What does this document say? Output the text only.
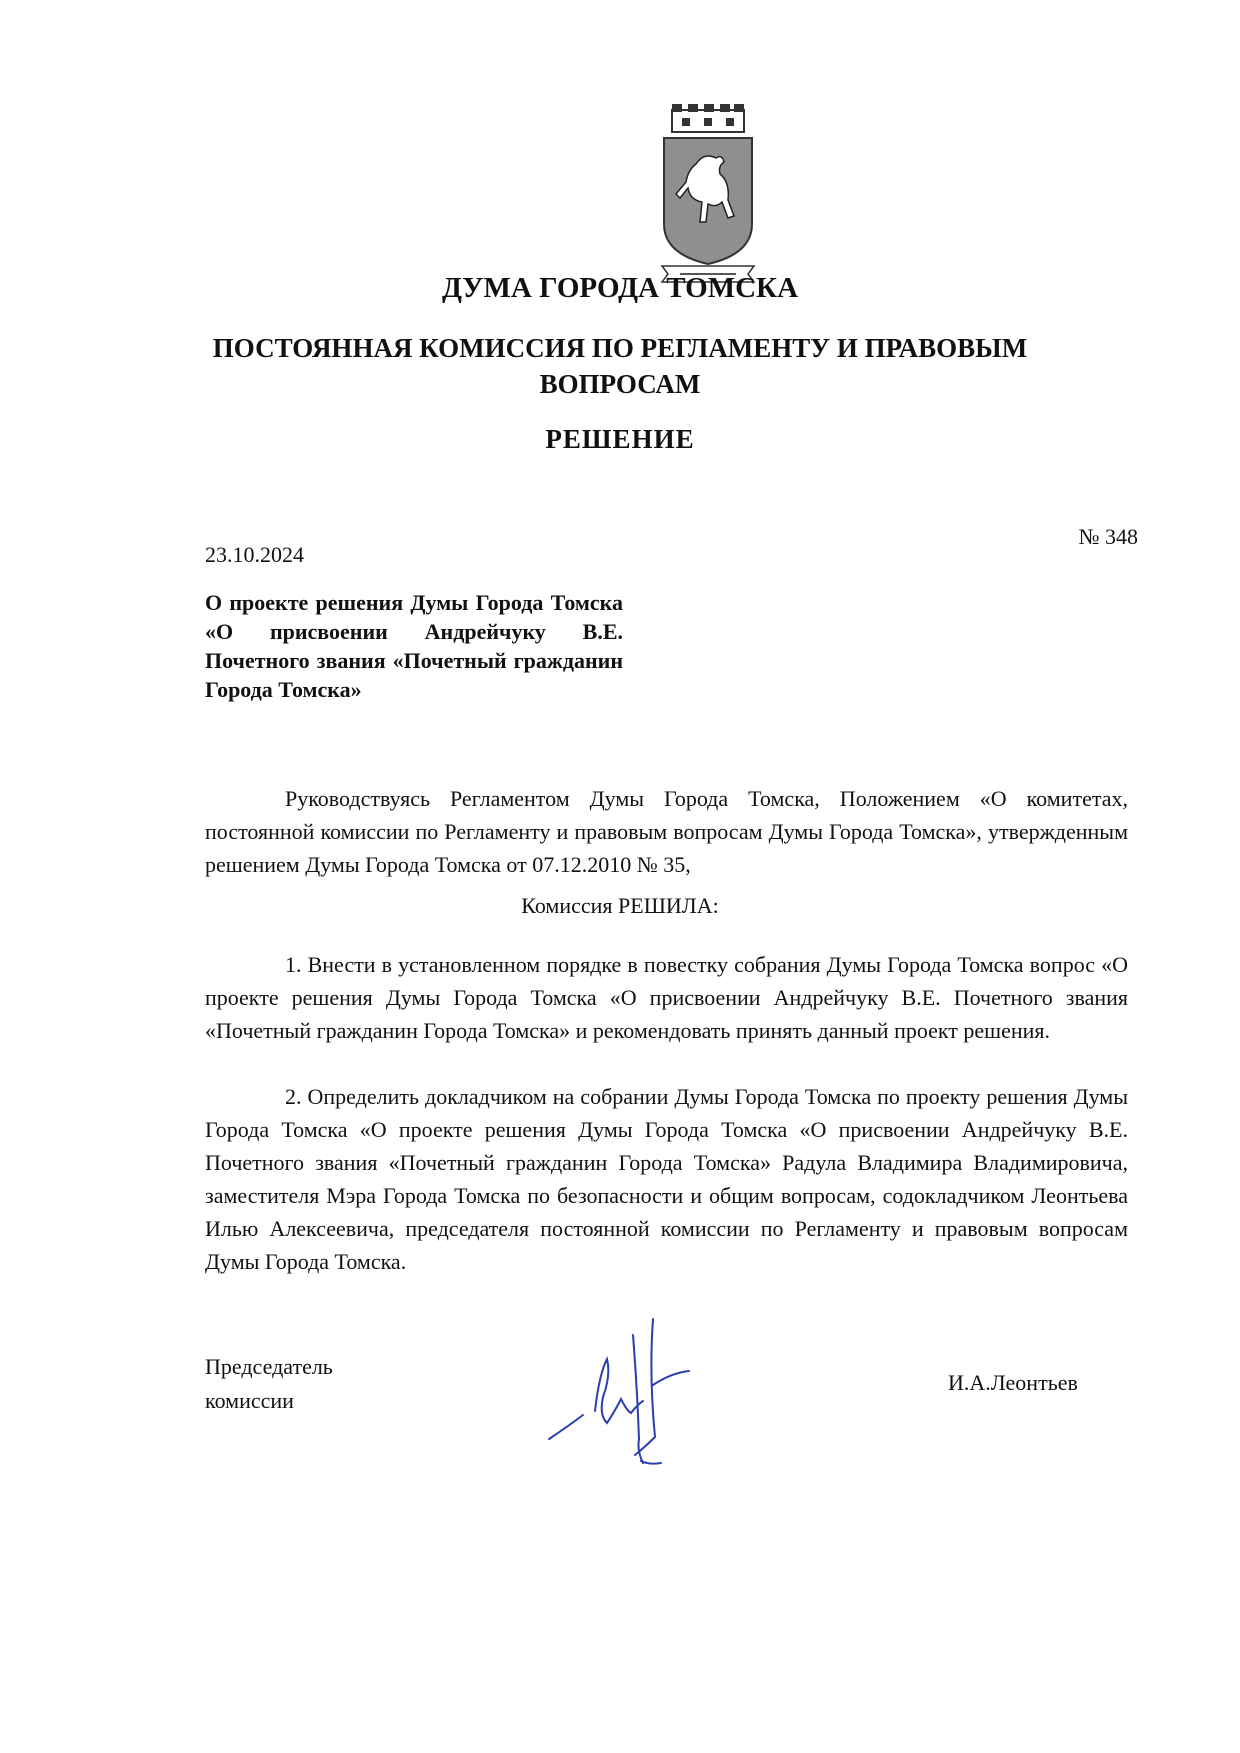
ДУМА ГОРОДА ТОМСКА
ПОСТОЯННАЯ КОМИССИЯ ПО РЕГЛАМЕНТУ И ПРАВОВЫМ
ВОПРОСАМ
РЕШЕНИЕ
№ 348
23.10.2024
О проекте решения Думы Города Томска «О присвоении Андрейчуку В.Е. Почетного звания «Почетный гражданин Города Томска»
Руководствуясь Регламентом Думы Города Томска, Положением «О комитетах, постоянной комиссии по Регламенту и правовым вопросам Думы Города Томска», утвержденным решением Думы Города Томска от 07.12.2010 № 35,
Комиссия РЕШИЛА:
1. Внести в установленном порядке в повестку собрания Думы Города Томска вопрос «О проекте решения Думы Города Томска «О присвоении Андрейчуку В.Е. Почетного звания «Почетный гражданин Города Томска» и рекомендовать принять данный проект решения.
2. Определить докладчиком на собрании Думы Города Томска по проекту решения Думы Города Томска «О проекте решения Думы Города Томска «О присвоении Андрейчуку В.Е. Почетного звания «Почетный гражданин Города Томска» Радула Владимира Владимировича, заместителя Мэра Города Томска по безопасности и общим вопросам, содокладчиком Леонтьева Илью Алексеевича, председателя постоянной комиссии по Регламенту и правовым вопросам Думы Города Томска.
Председатель
комиссии
И.А.Леонтьев
